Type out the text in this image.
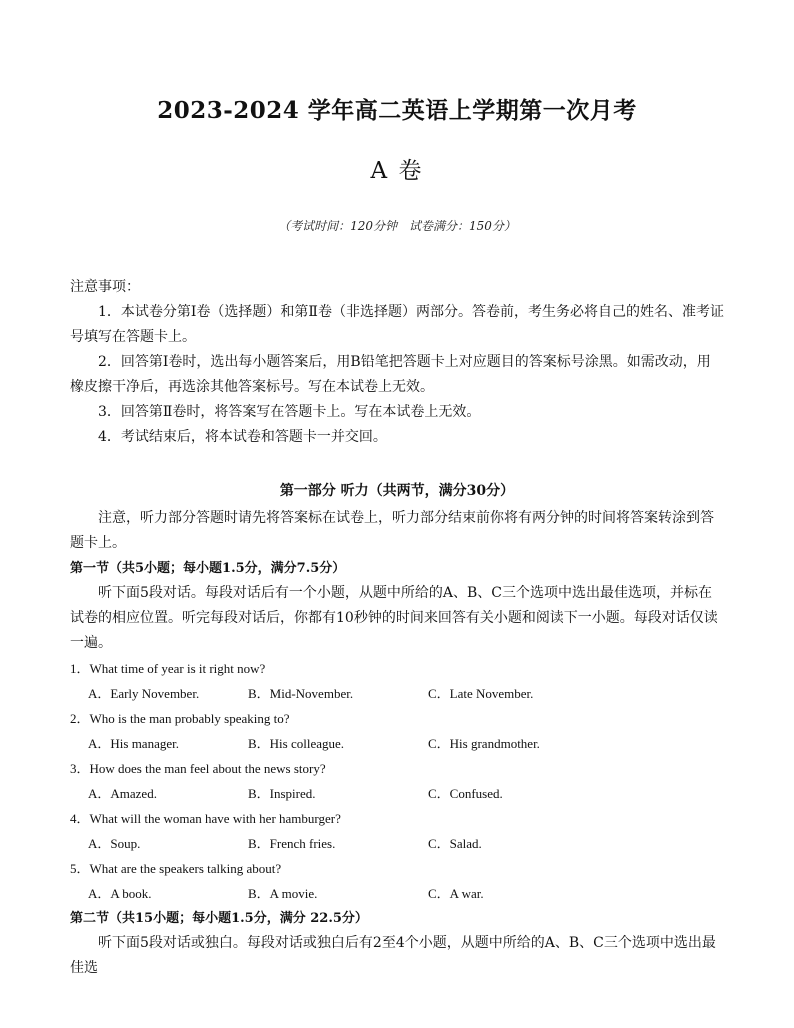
2023-2024 学年高二英语上学期第一次月考
A 卷
（考试时间：120分钟　试卷满分：150分）

注意事项：

1．本试卷分第Ⅰ卷（选择题）和第Ⅱ卷（非选择题）两部分。答卷前，考生务必将自己的姓名、准考证号填写在答题卡上。

2．回答第Ⅰ卷时，选出每小题答案后，用B铅笔把答题卡上对应题目的答案标号涂黑。如需改动，用橡皮擦干净后，再选涂其他答案标号。写在本试卷上无效。

3．回答第Ⅱ卷时，将答案写在答题卡上。写在本试卷上无效。

4．考试结束后，将本试卷和答题卡一并交回。

第一部分 听力（共两节，满分30分）

注意，听力部分答题时请先将答案标在试卷上，听力部分结束前你将有两分钟的时间将答案转涂到答题卡上。

第一节（共5小题；每小题1.5分，满分7.5分）

听下面5段对话。每段对话后有一个小题，从题中所给的A、B、C三个选项中选出最佳选项，并标在试卷的相应位置。听完每段对话后，你都有10秒钟的时间来回答有关小题和阅读下一小题。每段对话仅读一遍。

1．What time of year is it right now?

A．Early November.	B．Mid-November.	C．Late November.

2．Who is the man probably speaking to?

A．His manager.	B．His colleague.	C．His grandmother.

3．How does the man feel about the news story?

A．Amazed.	B．Inspired.	C．Confused.

4．What will the woman have with her hamburger?

A．Soup.	B．French fries.	C．Salad.

5．What are the speakers talking about?

A．A book.	B．A movie.	C．A war.

第二节（共15小题；每小题1.5分，满分 22.5分）

听下面5段对话或独白。每段对话或独白后有2至4个小题，从题中所给的A、B、C三个选项中选出最佳选
